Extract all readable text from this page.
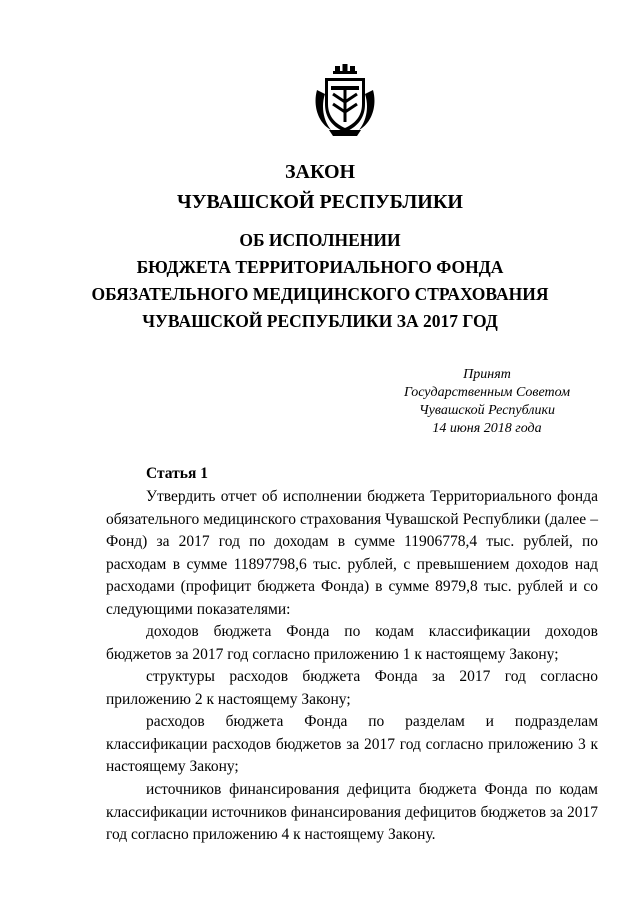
ЗАКОН
ЧУВАШСКОЙ РЕСПУБЛИКИ
ОБ ИСПОЛНЕНИИ
БЮДЖЕТА ТЕРРИТОРИАЛЬНОГО ФОНДА
ОБЯЗАТЕЛЬНОГО МЕДИЦИНСКОГО СТРАХОВАНИЯ
ЧУВАШСКОЙ РЕСПУБЛИКИ ЗА 2017 ГОД
Принят
Государственным Советом
Чувашской Республики
14 июня 2018 года
Статья 1

Утвердить отчет об исполнении бюджета Территориального фонда обязательного медицинского страхования Чувашской Республики (далее – Фонд) за 2017 год по доходам в сумме 11906778,4 тыс. рублей, по расходам в сумме 11897798,6 тыс. рублей, с превышением доходов над расходами (профицит бюджета Фонда) в сумме 8979,8 тыс. рублей и со следующими показателями:

доходов бюджета Фонда по кодам классификации доходов бюджетов за 2017 год согласно приложению 1 к настоящему Закону;

структуры расходов бюджета Фонда за 2017 год согласно приложению 2 к настоящему Закону;

расходов бюджета Фонда по разделам и подразделам классификации расходов бюджетов за 2017 год согласно приложению 3 к настоящему Закону;

источников финансирования дефицита бюджета Фонда по кодам классификации источников финансирования дефицитов бюджетов за 2017 год согласно приложению 4 к настоящему Закону.
